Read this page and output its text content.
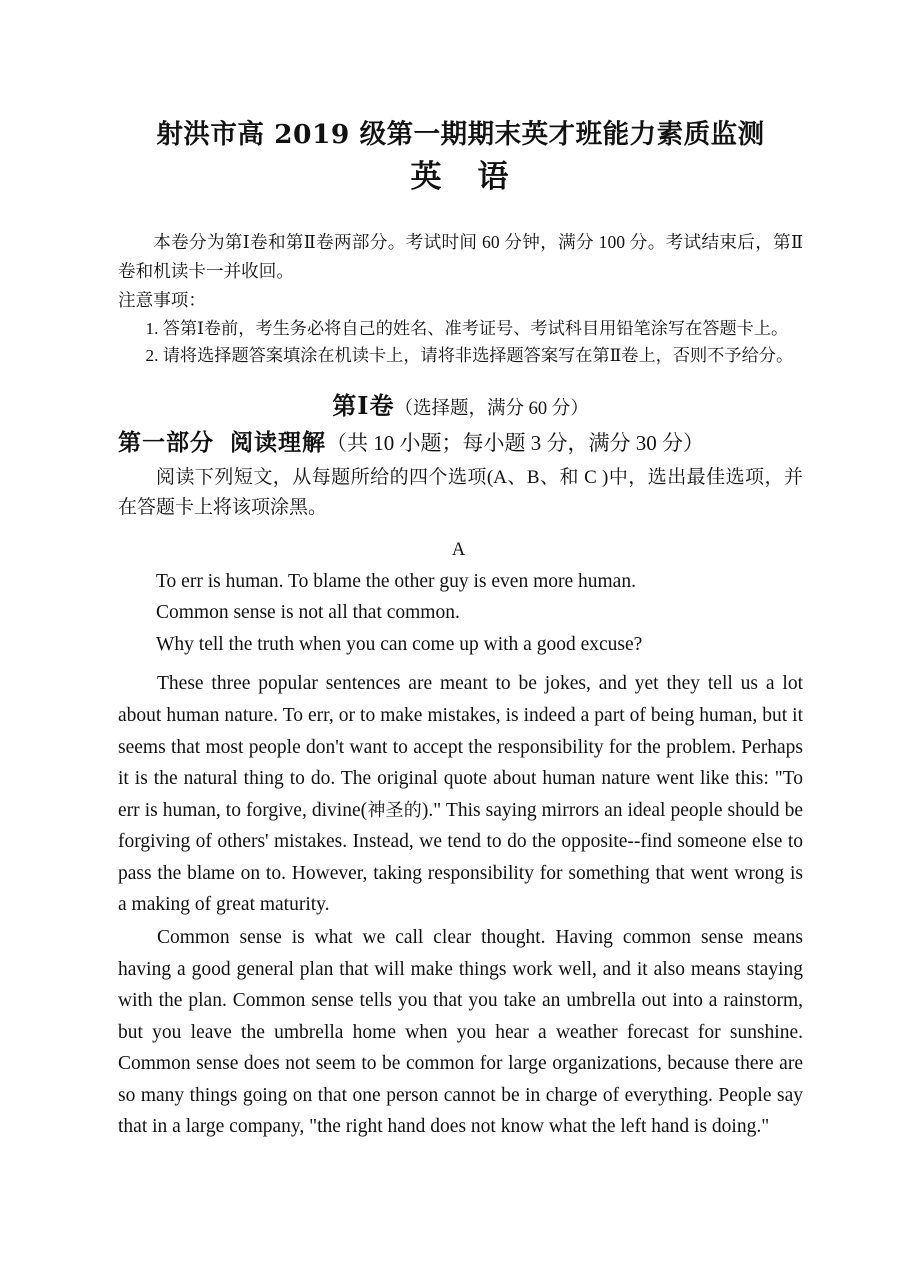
射洪市高 2019 级第一期期末英才班能力素质监测
英 语
本卷分为第Ⅰ卷和第Ⅱ卷两部分。考试时间 60 分钟，满分 100 分。考试结束后，第Ⅱ卷和机读卡一并收回。
注意事项：
1. 答第Ⅰ卷前，考生务必将自己的姓名、准考证号、考试科目用铅笔涂写在答题卡上。
2. 请将选择题答案填涂在机读卡上，请将非选择题答案写在第Ⅱ卷上，否则不予给分。
第Ⅰ卷（选择题，满分 60 分）
第一部分 阅读理解（共 10 小题；每小题 3 分，满分 30 分）
阅读下列短文，从每题所给的四个选项(A、B、和 C )中，选出最佳选项，并在答题卡上将该项涂黑。
A
To err is human. To blame the other guy is even more human.
Common sense is not all that common.
Why tell the truth when you can come up with a good excuse?
These three popular sentences are meant to be jokes, and yet they tell us a lot about human nature. To err, or to make mistakes, is indeed a part of being human, but it seems that most people don't want to accept the responsibility for the problem. Perhaps it is the natural thing to do. The original quote about human nature went like this: "To err is human, to forgive, divine(神圣的)." This saying mirrors an ideal people should be forgiving of others' mistakes. Instead, we tend to do the opposite--find someone else to pass the blame on to. However, taking responsibility for something that went wrong is a making of great maturity.
Common sense is what we call clear thought. Having common sense means having a good general plan that will make things work well, and it also means staying with the plan. Common sense tells you that you take an umbrella out into a rainstorm, but you leave the umbrella home when you hear a weather forecast for sunshine. Common sense does not seem to be common for large organizations, because there are so many things going on that one person cannot be in charge of everything. People say that in a large company, "the right hand does not know what the left hand is doing."
